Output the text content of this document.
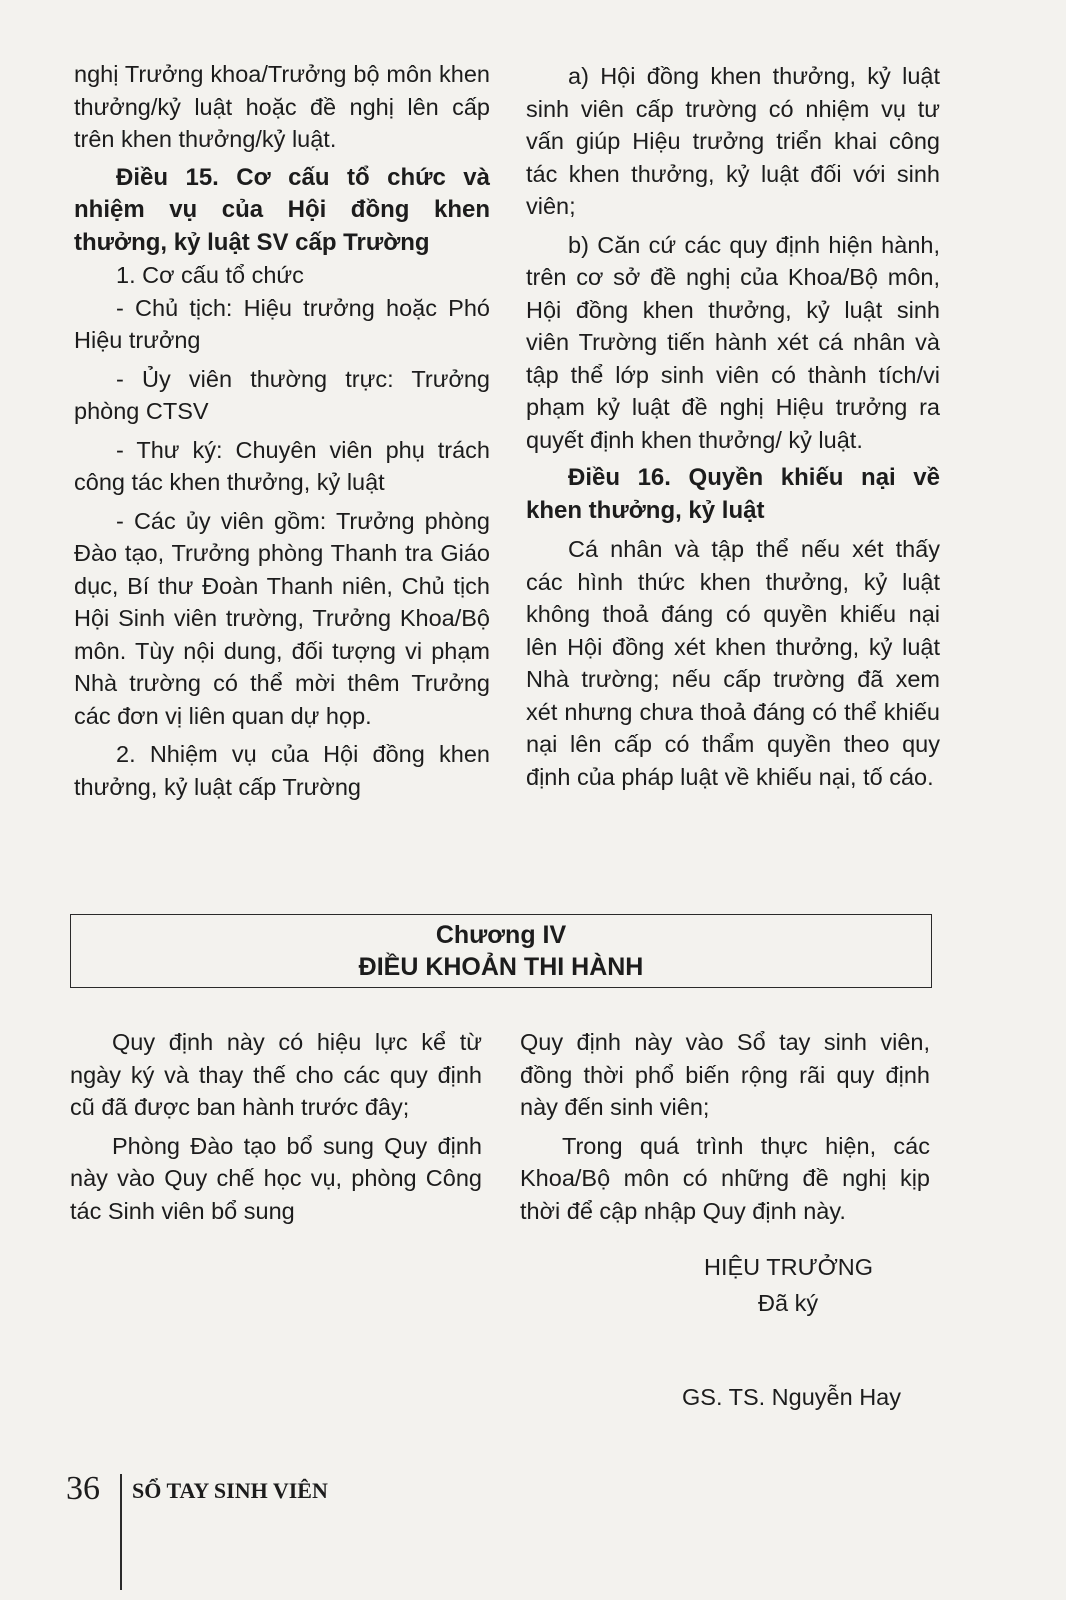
nghị Trưởng khoa/Trưởng bộ môn khen thưởng/kỷ luật hoặc đề nghị lên cấp trên khen thưởng/kỷ luật.

Điều 15. Cơ cấu tổ chức và nhiệm vụ của Hội đồng khen thưởng, kỷ luật SV cấp Trường

1. Cơ cấu tổ chức

- Chủ tịch: Hiệu trưởng hoặc Phó Hiệu trưởng

- Ủy viên thường trực: Trưởng phòng CTSV

- Thư ký: Chuyên viên phụ trách công tác khen thưởng, kỷ luật

- Các ủy viên gồm: Trưởng phòng Đào tạo, Trưởng phòng Thanh tra Giáo dục, Bí thư Đoàn Thanh niên, Chủ tịch Hội Sinh viên trường, Trưởng Khoa/Bộ môn. Tùy nội dung, đối tượng vi phạm Nhà trường có thể mời thêm Trưởng các đơn vị liên quan dự họp.

2. Nhiệm vụ của Hội đồng khen thưởng, kỷ luật cấp Trường

a) Hội đồng khen thưởng, kỷ luật sinh viên cấp trường có nhiệm vụ tư vấn giúp Hiệu trưởng triển khai công tác khen thưởng, kỷ luật đối với sinh viên;

b) Căn cứ các quy định hiện hành, trên cơ sở đề nghị của Khoa/Bộ môn, Hội đồng khen thưởng, kỷ luật sinh viên Trường tiến hành xét cá nhân và tập thể lớp sinh viên có thành tích/vi phạm kỷ luật đề nghị Hiệu trưởng ra quyết định khen thưởng/ kỷ luật.

Điều 16. Quyền khiếu nại về khen thưởng, kỷ luật

Cá nhân và tập thể nếu xét thấy các hình thức khen thưởng, kỷ luật không thoả đáng có quyền khiếu nại lên Hội đồng xét khen thưởng, kỷ luật Nhà trường; nếu cấp trường đã xem xét nhưng chưa thoả đáng có thể khiếu nại lên cấp có thẩm quyền theo quy định của pháp luật về khiếu nại, tố cáo.

Chương IV
ĐIỀU KHOẢN THI HÀNH

Quy định này có hiệu lực kể từ ngày ký và thay thế cho các quy định cũ đã được ban hành trước đây;

Phòng Đào tạo bổ sung Quy định này vào Quy chế học vụ, phòng Công tác Sinh viên bổ sung

Quy định này vào Sổ tay sinh viên, đồng thời phổ biến rộng rãi quy định này đến sinh viên;

Trong quá trình thực hiện, các Khoa/Bộ môn có những đề nghị kịp thời để cập nhập Quy định này.

HIỆU TRƯỞNG
Đã ký
GS. TS. Nguyễn Hay
36 SỔ TAY SINH VIÊN
